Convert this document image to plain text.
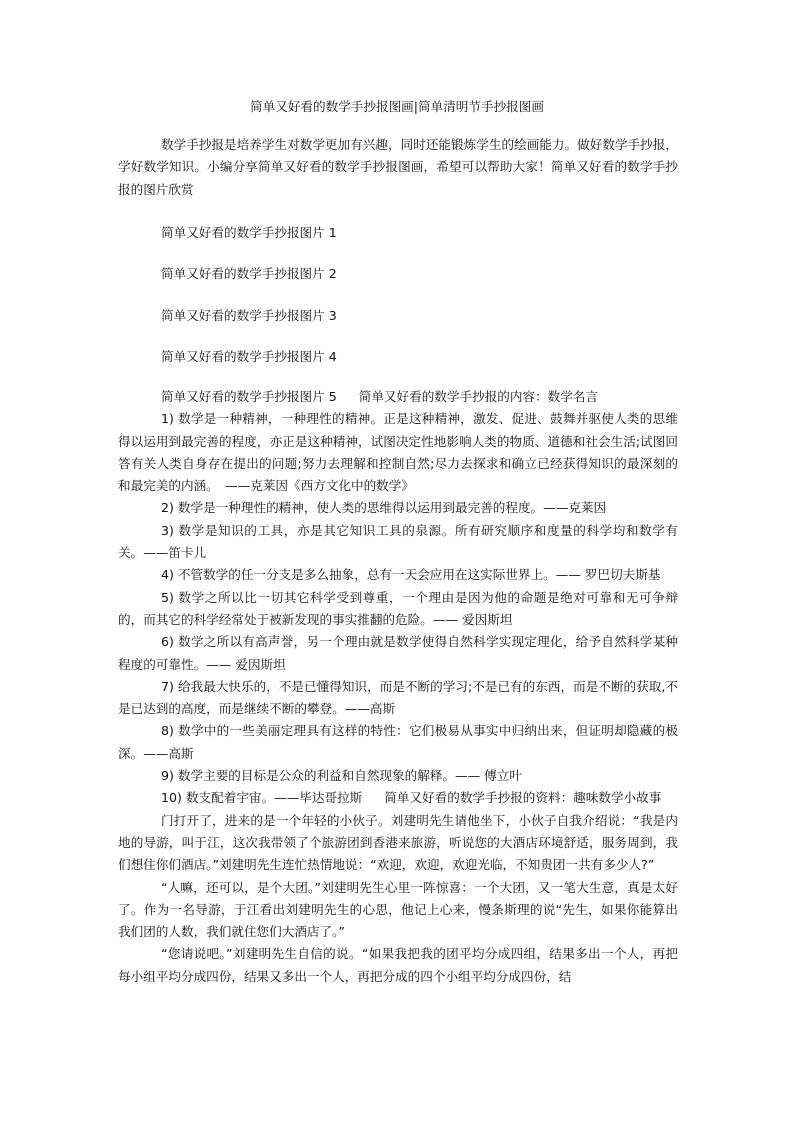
简单又好看的数学手抄报图画|简单清明节手抄报图画

数学手抄报是培养学生对数学更加有兴趣，同时还能锻炼学生的绘画能力。做好数学手抄报，学好数学知识。小编分享简单又好看的数学手抄报图画，希望可以帮助大家！简单又好看的数学手抄报的图片欣赏

简单又好看的数学手抄报图片 1

简单又好看的数学手抄报图片 2

简单又好看的数学手抄报图片 3

简单又好看的数学手抄报图片 4

简单又好看的数学手抄报图片 5 简单又好看的数学手抄报的内容：数学名言

1) 数学是一种精神，一种理性的精神。正是这种精神，激发、促进、鼓舞并驱使人类的思维得以运用到最完善的程度，亦正是这种精神，试图决定性地影响人类的物质、道德和社会生活;试图回答有关人类自身存在提出的问题;努力去理解和控制自然;尽力去探求和确立已经获得知识的最深刻的和最完美的内涵。　——克莱因《西方文化中的数学》

2) 数学是一种理性的精神，使人类的思维得以运用到最完善的程度。——克莱因

3) 数学是知识的工具，亦是其它知识工具的泉源。所有研究顺序和度量的科学均和数学有关。——笛卡儿

4) 不管数学的任一分支是多么抽象，总有一天会应用在这实际世界上。—— 罗巴切夫斯基

5) 数学之所以比一切其它科学受到尊重，一个理由是因为他的命题是绝对可靠和无可争辩的，而其它的科学经常处于被新发现的事实推翻的危险。—— 爱因斯坦

6) 数学之所以有高声誉，另一个理由就是数学使得自然科学实现定理化，给予自然科学某种程度的可靠性。—— 爱因斯坦

7) 给我最大快乐的，不是已懂得知识，而是不断的学习;不是已有的东西，而是不断的获取,不是已达到的高度，而是继续不断的攀登。——高斯

8) 数学中的一些美丽定理具有这样的特性：它们极易从事实中归纳出来，但证明却隐藏的极深。——高斯

9) 数学主要的目标是公众的利益和自然现象的解释。—— 傅立叶

10) 数支配着宇宙。——毕达哥拉斯 简单又好看的数学手抄报的资料：趣味数学小故事

门打开了，进来的是一个年轻的小伙子。刘建明先生请他坐下，小伙子自我介绍说：“我是内地的导游，叫于江，这次我带领了个旅游团到香港来旅游，听说您的大酒店环境舒适，服务周到，我们想住你们酒店。”刘建明先生连忙热情地说：“欢迎，欢迎，欢迎光临，不知贵团一共有多少人?”

“人嘛，还可以，是个大团。”刘建明先生心里一阵惊喜：一个大团，又一笔大生意，真是太好了。作为一名导游，于江看出刘建明先生的心思，他记上心来，慢条斯理的说“先生，如果你能算出我们团的人数，我们就住您们大酒店了。”

“您请说吧。”刘建明先生自信的说。“如果我把我的团平均分成四组，结果多出一个人，再把每小组平均分成四份，结果又多出一个人，再把分成的四个小组平均分成四份，结
